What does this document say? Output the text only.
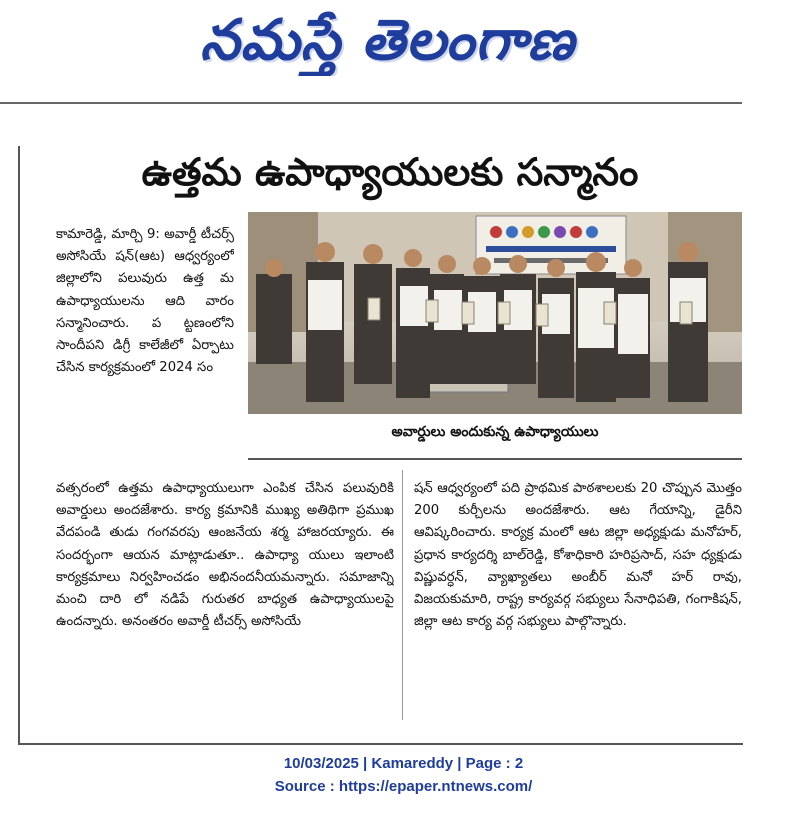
నమస్తే తెలంగాణ
ఉత్తమ ఉపాధ్యాయులకు సన్మానం
కామారెడ్డి, మార్చి 9: అవార్డీ టీచర్స్ అసోసియే షన్(ఆట) ఆధ్వర్యంలో జిల్లాలోని పలువురు ఉత్త మ ఉపాధ్యాయులను ఆది వారం సన్మానించారు. ప ట్టణంలోని సాందీపని డిగ్రీ కాలేజీలో ఏర్పాటు చేసిన కార్యక్రమంలో 2024 సం
అవార్డులు అందుకున్న ఉపాధ్యాయులు
వత్సరంలో ఉత్తమ ఉపాధ్యాయులుగా ఎంపిక చేసిన పలువురికి అవార్డులు అందజేశారు. కార్య క్రమానికి ముఖ్య అతిథిగా ప్రముఖ వేదపండి తుడు గంగవరపు ఆంజనేయ శర్మ హాజరయ్యారు. ఈ సందర్భంగా ఆయన మాట్లాడుతూ.. ఉపాధ్యా యులు ఇలాంటి కార్యక్రమాలు నిర్వహించడం అభినందనీయమన్నారు. సమాజాన్ని మంచి దారి లో నడిపే గురుతర బాధ్యత ఉపాధ్యాయులపై ఉందన్నారు. అనంతరం అవార్డీ టీచర్స్ అసోసియే
షన్ ఆధ్వర్యంలో పది ప్రాథమిక పాఠశాలలకు 20 చొప్పున మొత్తం 200 కుర్చీలను అందజేశారు. ఆట గేయాన్ని, డైరీని ఆవిష్కరించారు. కార్యక్ర మంలో ఆట జిల్లా అధ్యక్షుడు మనోహర్, ప్రధాన కార్యదర్శి బాల్‌రెడ్డి, కోశాధికారి హరిప్రసాద్, సహ ధ్యక్షుడు విష్ణువర్ధన్, వ్యాఖ్యాతలు అంబీర్ మనో హర్ రావు, విజయకుమారి, రాష్ట్ర కార్యవర్గ సభ్యులు సేనాధిపతి, గంగాకిషన్, జిల్లా ఆట కార్య వర్గ సభ్యులు పాల్గొన్నారు.
10/03/2025 | Kamareddy | Page : 2
Source : https://epaper.ntnews.com/
